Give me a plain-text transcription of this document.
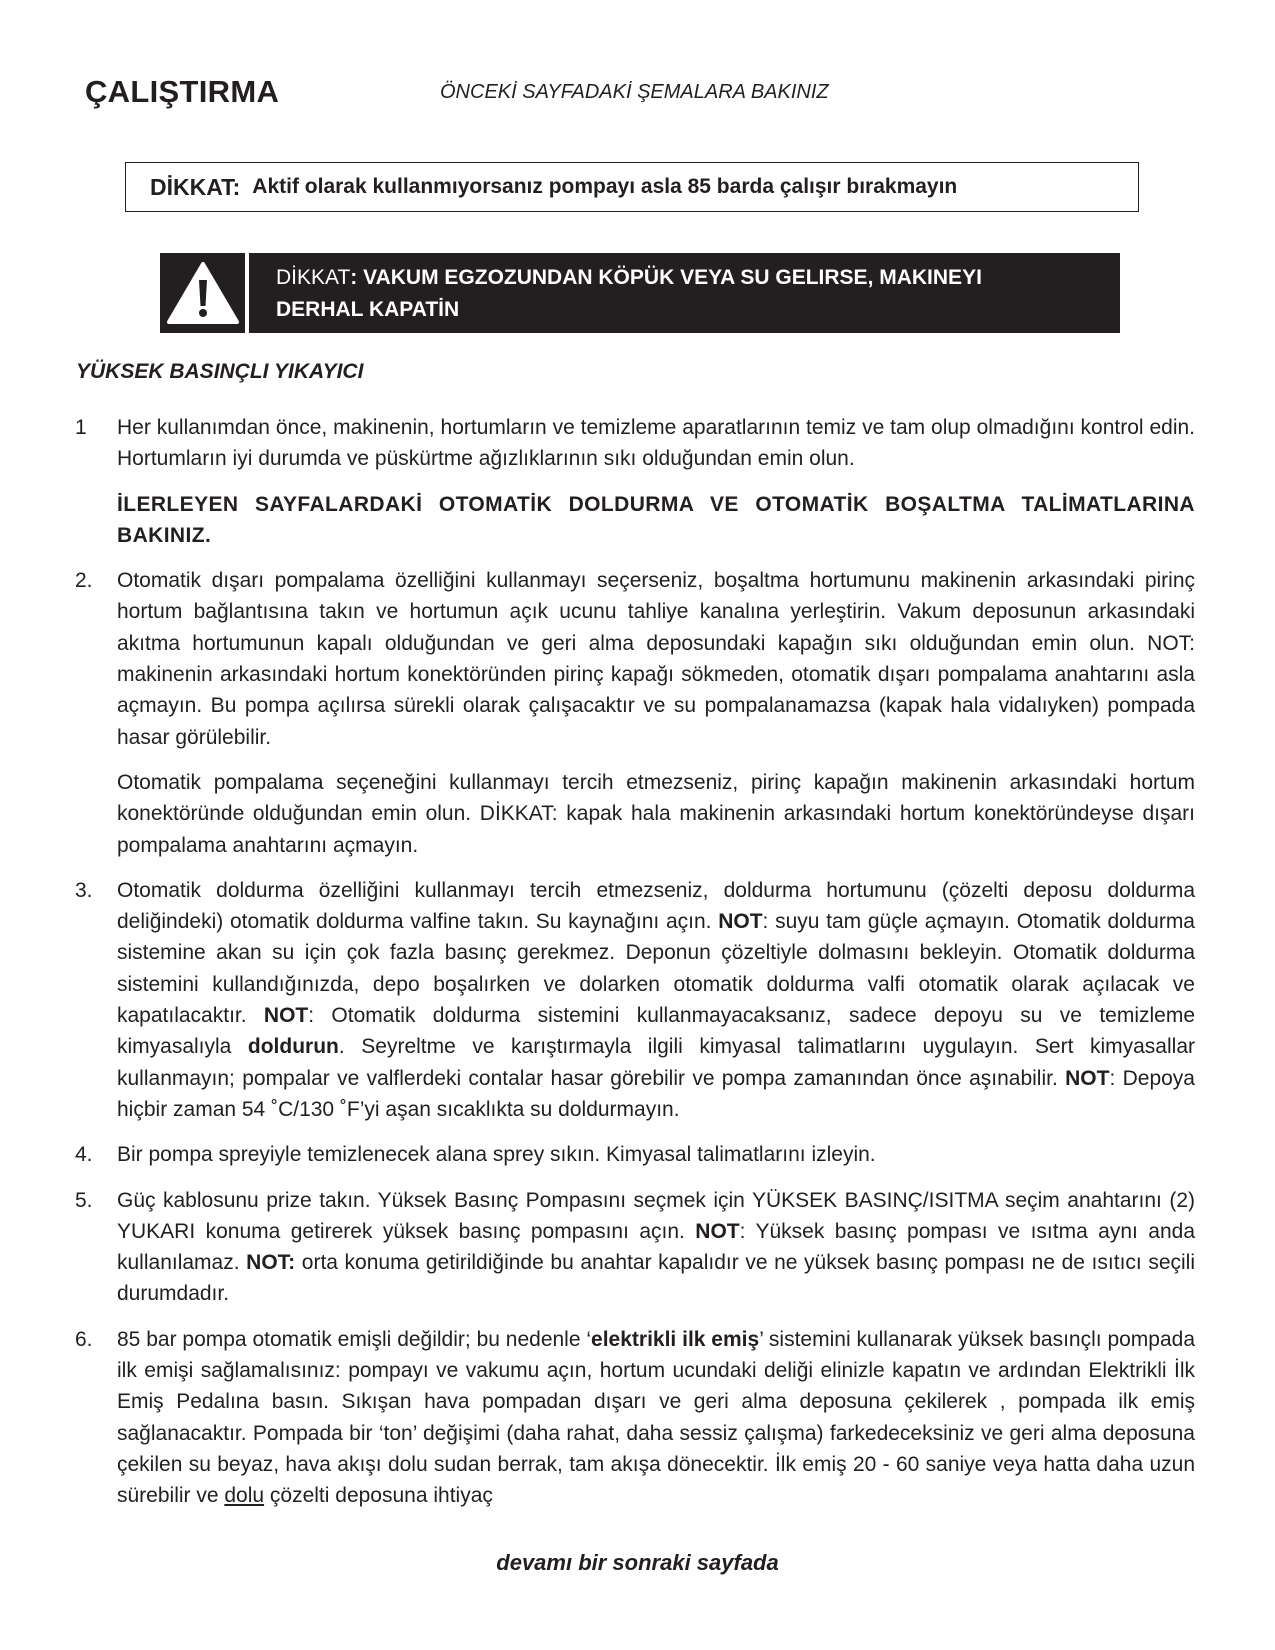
ÇALIŞTIRMA	ÖNCEKİ SAYFADAKİ ŞEMALARA BAKINIZ
DİKKAT: Aktif olarak kullanmıyorsanız pompayı asla 85 barda çalışır bırakmayın
DİKKAT: VAKUM EGZOZUNDAN KÖPÜK VEYA SU GELIRSE, MAKINEYI
DERHAL KAPATİN
YÜKSEK BASINÇLI YIKAYICI
1	Her kullanımdan önce, makinenin, hortumların ve temizleme aparatlarının temiz ve tam olup olmadığını kontrol edin. Hortumların iyi durumda ve püskürtme ağızlıklarının sıkı olduğundan emin olun.

İLERLEYEN SAYFALARDAKİ OTOMATİK DOLDURMA VE OTOMATİK BOŞALTMA TALİMATLARINA BAKINIZ.

2.	Otomatik dışarı pompalama özelliğini kullanmayı seçerseniz, boşaltma hortumunu makinenin arkasındaki pirinç hortum bağlantısına takın ve hortumun açık ucunu tahliye kanalına yerleştirin. Vakum deposunun arkasındaki akıtma hortumunun kapalı olduğundan ve geri alma deposundaki kapağın sıkı olduğundan emin olun. NOT: makinenin arkasındaki hortum konektöründen pirinç kapağı sökmeden, otomatik dışarı pompalama anahtarını asla açmayın. Bu pompa açılırsa sürekli olarak çalışacaktır ve su pompalanamazsa (kapak hala vidalıyken) pompada hasar görülebilir.

Otomatik pompalama seçeneğini kullanmayı tercih etmezseniz, pirinç kapağın makinenin arkasındaki hortum konektöründe olduğundan emin olun. DİKKAT: kapak hala makinenin arkasındaki hortum konektöründeyse dışarı pompalama anahtarını açmayın.

3.	Otomatik doldurma özelliğini kullanmayı tercih etmezseniz, doldurma hortumunu (çözelti deposu doldurma deliğindeki) otomatik doldurma valfine takın. Su kaynağını açın. NOT: suyu tam güçle açmayın. Otomatik doldurma sistemine akan su için çok fazla basınç gerekmez. Deponun çözeltiyle dolmasını bekleyin. Otomatik doldurma sistemini kullandığınızda, depo boşalırken ve dolarken otomatik doldurma valfi otomatik olarak açılacak ve kapatılacaktır. NOT: Otomatik doldurma sistemini kullanmayacaksanız, sadece depoyu su ve temizleme kimyasalıyla doldurun. Seyreltme ve karıştırmayla ilgili kimyasal talimatlarını uygulayın. Sert kimyasallar kullanmayın; pompalar ve valflerdeki contalar hasar görebilir ve pompa zamanından önce aşınabilir. NOT: Depoya hiçbir zaman 54 ˚C/130 ˚F’yi aşan sıcaklıkta su doldurmayın.

4.	Bir pompa spreyiyle temizlenecek alana sprey sıkın. Kimyasal talimatlarını izleyin.

5.	Güç kablosunu prize takın. Yüksek Basınç Pompasını seçmek için YÜKSEK BASINÇ/ISITMA seçim anahtarını (2) YUKARI konuma getirerek yüksek basınç pompasını açın. NOT: Yüksek basınç pompası ve ısıtma aynı anda kullanılamaz. NOT: orta konuma getirildiğinde bu anahtar kapalıdır ve ne yüksek basınç pompası ne de ısıtıcı seçili durumdadır.

6.	85 bar pompa otomatik emişli değildir; bu nedenle ‘elektrikli ilk emiş’ sistemini kullanarak yüksek basınçlı pompada ilk emişi sağlamalısınız: pompayı ve vakumu açın, hortum ucundaki deliği elinizle kapatın ve ardından Elektrikli İlk Emiş Pedalına basın. Sıkışan hava pompadan dışarı ve geri alma deposuna çekilerek , pompada ilk emiş sağlanacaktır. Pompada bir ‘ton’ değişimi (daha rahat, daha sessiz çalışma) farkedeceksiniz ve geri alma deposuna çekilen su beyaz, hava akışı dolu sudan berrak, tam akışa dönecektir. İlk emiş 20 - 60 saniye veya hatta daha uzun sürebilir ve dolu çözelti deposuna ihtiyaç

devamı bir sonraki sayfada
